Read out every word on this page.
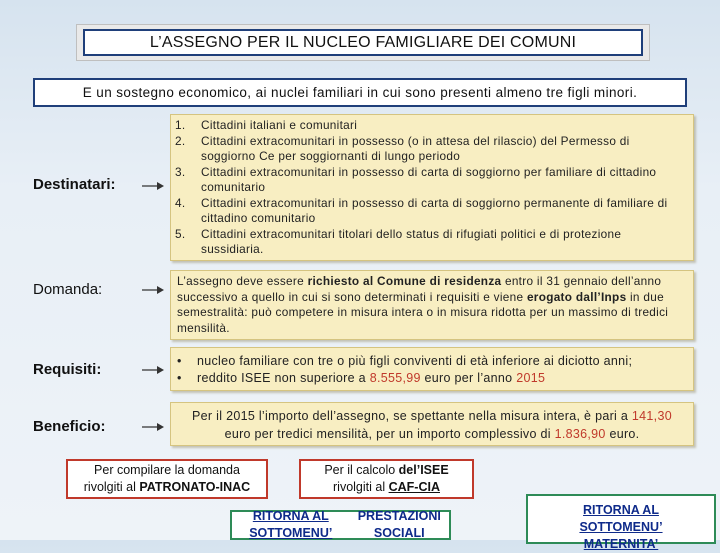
L’ASSEGNO PER IL NUCLEO FAMIGLIARE DEI COMUNI
E un sostegno economico, ai nuclei familiari in cui sono presenti almeno tre figli minori.
Destinatari:
1.	Cittadini italiani e comunitari
2.	Cittadini extracomunitari in possesso (o in attesa del rilascio) del Permesso di soggiorno Ce per soggiornanti di lungo periodo
3.	Cittadini extracomunitari in possesso di carta di soggiorno per familiare di cittadino comunitario
4.	Cittadini extracomunitari in possesso di carta di soggiorno permanente di familiare di cittadino comunitario
5.	Cittadini extracomunitari titolari dello status di rifugiati politici e di protezione sussidiaria.
Domanda:	L’assegno deve essere richiesto al Comune di residenza entro il 31 gennaio dell’anno successivo a quello in cui si sono determinati i requisiti e viene erogato dall’Inps in due semestralità: può competere in misura intera o in misura ridotta per un massimo di tredici mensilità.
Requisiti:	•	nucleo familiare con tre o più figli conviventi di età inferiore ai diciotto anni;
•	reddito ISEE non superiore a 8.555,99 euro per l’anno 2015
Beneficio:
Per il 2015 l’importo dell’assegno, se spettante nella misura intera, è pari a 141,30 euro per tredici mensilità, per un importo complessivo di 1.836,90 euro.
Per compilare la domanda
rivolgiti al PATRONATO-INAC
Per il calcolo del’ISEE
rivolgiti al CAF-CIA
RITORNA AL SOTTOMENU’
PRESTAZIONI SOCIALI
RITORNA AL
SOTTOMENU’
MATERNITA’
